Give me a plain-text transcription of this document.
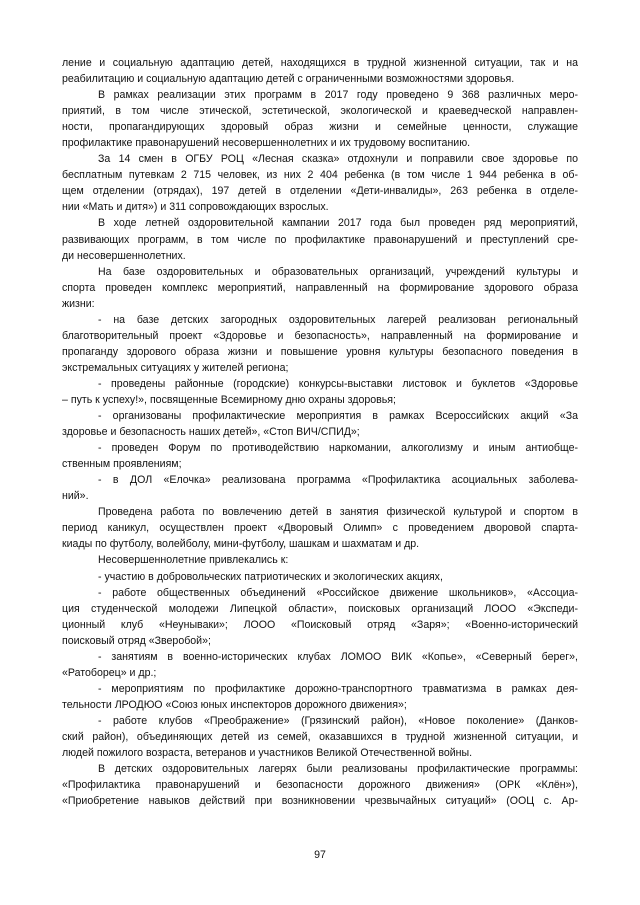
ление и социальную адаптацию детей, находящихся в трудной жизненной ситуации, так и на
реабилитацию и социальную адаптацию детей с ограниченными возможностями здоровья.

В рамках реализации этих программ в 2017 году проведено 9 368 различных меро-
приятий, в том числе этической, эстетической, экологической и краеведческой направлен-
ности, пропагандирующих здоровый образ жизни и семейные ценности, служащие
профилактике правонарушений несовершеннолетних и их трудовому воспитанию.

За 14 смен в ОГБУ РОЦ «Лесная сказка» отдохнули и поправили свое здоровье по
бесплатным путевкам 2 715 человек, из них 2 404 ребенка (в том числе 1 944 ребенка в об-
щем отделении (отрядах), 197 детей в отделении «Дети-инвалиды», 263 ребенка в отделе-
нии «Мать и дитя») и 311 сопровождающих взрослых.

В ходе летней оздоровительной кампании 2017 года был проведен ряд мероприятий,
развивающих программ, в том числе по профилактике правонарушений и преступлений сре-
ди несовершеннолетних.

На базе оздоровительных и образовательных организаций, учреждений культуры и
спорта проведен комплекс мероприятий, направленный на формирование здорового образа
жизни:

- на базе детских загородных оздоровительных лагерей реализован региональный
благотворительный проект «Здоровье и безопасность», направленный на формирование и
пропаганду здорового образа жизни и повышение уровня культуры безопасного поведения в
экстремальных ситуациях у жителей региона;

- проведены районные (городские) конкурсы-выставки листовок и буклетов «Здоровье
– путь к успеху!», посвященные Всемирному дню охраны здоровья;

- организованы профилактические мероприятия в рамках Всероссийских акций «За
здоровье и безопасность наших детей», «Стоп ВИЧ/СПИД»;

- проведен Форум по противодействию наркомании, алкоголизму и иным антиобще-
ственным проявлениям;

- в ДОЛ «Елочка» реализована программа «Профилактика асоциальных заболева-
ний».

Проведена работа по вовлечению детей в занятия физической культурой и спортом в
период каникул, осуществлен проект «Дворовый Олимп» с проведением дворовой спарта-
киады по футболу, волейболу, мини-футболу, шашкам и шахматам и др.

Несовершеннолетние привлекались к:

- участию в добровольческих патриотических и экологических акциях,

- работе общественных объединений «Российское движение школьников», «Ассоциа-
ция студенческой молодежи Липецкой области», поисковых организаций ЛООО «Экспеди-
ционный клуб «Неунываки»; ЛООО «Поисковый отряд «Заря»; «Военно-исторический
поисковый отряд «Зверобой»;

- занятиям в военно-исторических клубах ЛОМОО ВИК «Копье», «Северный берег»,
«Ратоборец» и др.;

- мероприятиям по профилактике дорожно-транспортного травматизма в рамках дея-
тельности ЛРОДЮО «Союз юных инспекторов дорожного движения»;

- работе клубов «Преображение» (Грязинский район), «Новое поколение» (Данков-
ский район), объединяющих детей из семей, оказавшихся в трудной жизненной ситуации, и
людей пожилого возраста, ветеранов и участников Великой Отечественной войны.

В детских оздоровительных лагерях были реализованы профилактические программы:
«Профилактика правонарушений и безопасности дорожного движения» (ОРК «Клён»),
«Приобретение навыков действий при возникновении чрезвычайных ситуаций» (ООЦ с. Ар-

97
